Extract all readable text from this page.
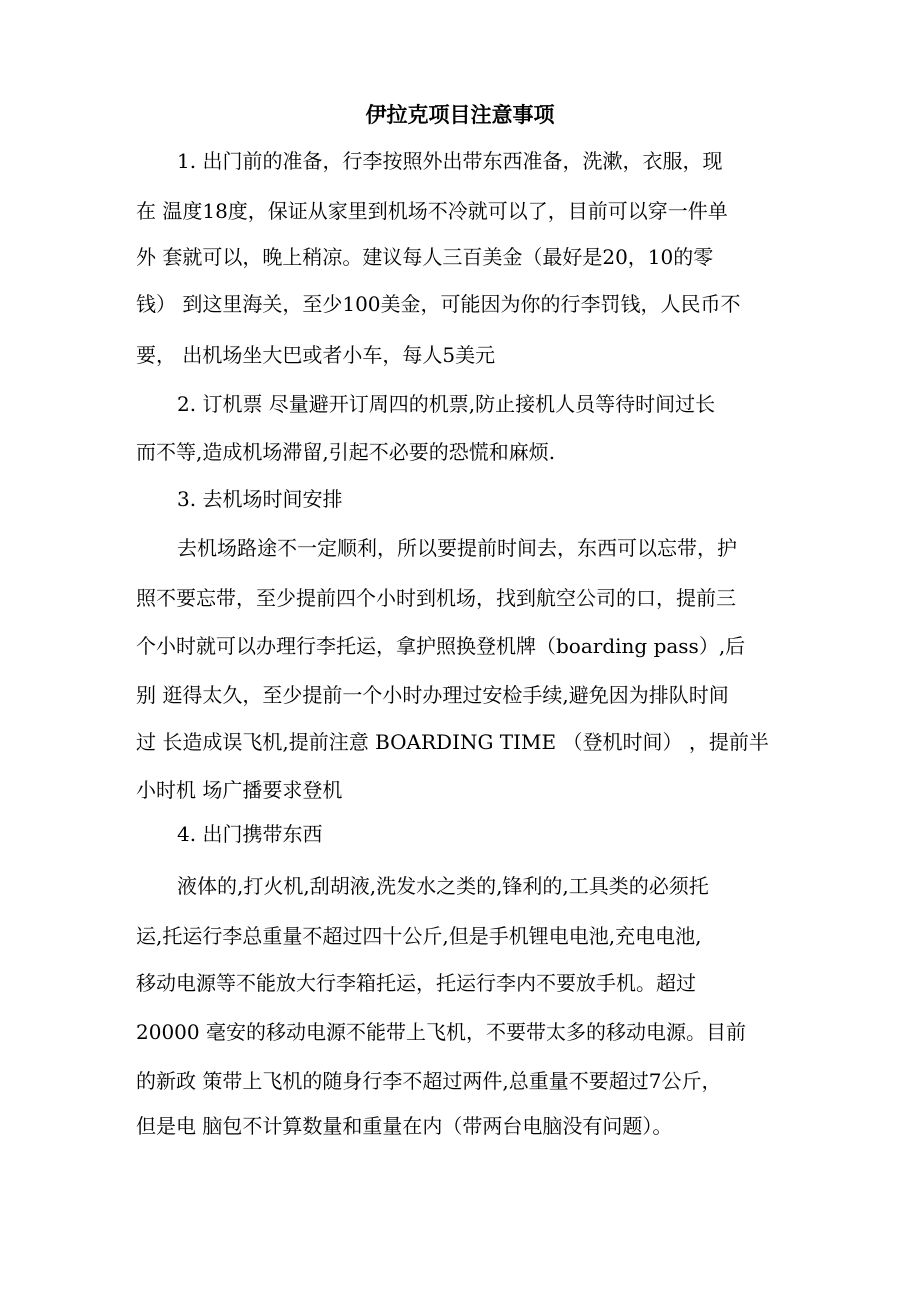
伊拉克项目注意事项
1. 出门前的准备，行李按照外出带东西准备，洗漱，衣服，现
在 温度18度，保证从家里到机场不冷就可以了，目前可以穿一件单
外 套就可以，晚上稍凉。建议每人三百美金（最好是20，10的零
钱） 到这里海关，至少100美金，可能因为你的行李罚钱，人民币不
要， 出机场坐大巴或者小车，每人5美元
2. 订机票 尽量避开订周四的机票,防止接机人员等待时间过长
而不等,造成机场滞留,引起不必要的恐慌和麻烦.
3. 去机场时间安排
去机场路途不一定顺利，所以要提前时间去，东西可以忘带，护
照不要忘带，至少提前四个小时到机场，找到航空公司的口，提前三
个小时就可以办理行李托运，拿护照换登机牌（boarding pass）,后
别 逛得太久，至少提前一个小时办理过安检手续,避免因为排队时间
过 长造成误飞机,提前注意 BOARDING TIME （登机时间） ，提前半
小时机 场广播要求登机
4. 出门携带东西
液体的,打火机,刮胡液,洗发水之类的,锋利的,工具类的必须托
运,托运行李总重量不超过四十公斤,但是手机锂电电池,充电电池,
移动电源等不能放大行李箱托运，托运行李内不要放手机。超过
20000 毫安的移动电源不能带上飞机，不要带太多的移动电源。目前
的新政 策带上飞机的随身行李不超过两件,总重量不要超过7公斤，
但是电 脑包不计算数量和重量在内（带两台电脑没有问题）。
